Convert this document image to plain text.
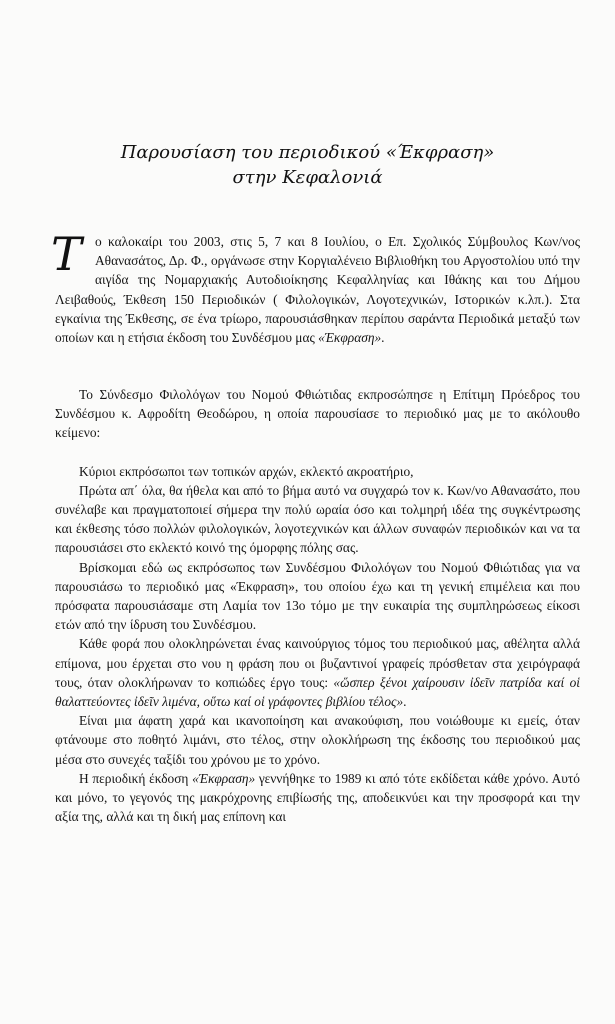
Παρουσίαση του περιοδικού «Έκφραση»
στην Κεφαλονιά
Το καλοκαίρι του 2003, στις 5, 7 και 8 Ιουλίου, ο Επ. Σχολικός Σύμβουλος Κων/νος Αθανασάτος, Δρ. Φ., οργάνωσε στην Κοργιαλένειο Βιβλιοθήκη του Αργοστολίου υπό την αιγίδα της Νομαρχιακής Αυτοδιοίκησης Κεφαλληνίας και Ιθάκης και του Δήμου Λειβαθούς, Έκθεση 150 Περιοδικών ( Φιλολογικών, Λογοτεχνικών, Ιστορικών κ.λπ.). Στα εγκαίνια της Έκθεσης, σε ένα τρίωρο, παρουσιάσθηκαν περίπου σαράντα Περιοδικά μεταξύ των οποίων και η ετήσια έκδοση του Συνδέσμου μας «Έκφραση».

Το Σύνδεσμο Φιλολόγων του Νομού Φθιώτιδας εκπροσώπησε η Επίτιμη Πρόεδρος του Συνδέσμου κ. Αφροδίτη Θεοδώρου, η οποία παρουσίασε το περιοδικό μας με το ακόλουθο κείμενο:

Κύριοι εκπρόσωποι των τοπικών αρχών, εκλεκτό ακροατήριο,

Πρώτα απ΄ όλα, θα ήθελα και από το βήμα αυτό να συγχαρώ τον κ. Κων/νο Αθανασάτο, που συνέλαβε και πραγματοποιεί σήμερα την πολύ ωραία όσο και τολμηρή ιδέα της συγκέντρωσης και έκθεσης τόσο πολλών φιλολογικών, λογοτεχνικών και άλλων συναφών περιοδικών και να τα παρουσιάσει στο εκλεκτό κοινό της όμορφης πόλης σας.

Βρίσκομαι εδώ ως εκπρόσωπος των Συνδέσμου Φιλολόγων του Νομού Φθιώτιδας για να παρουσιάσω το περιοδικό μας «Έκφραση», του οποίου έχω και τη γενική επιμέλεια και που πρόσφατα παρουσιάσαμε στη Λαμία τον 13ο τόμο με την ευκαιρία της συμπληρώσεως είκοσι ετών από την ίδρυση του Συνδέσμου.

Κάθε φορά που ολοκληρώνεται ένας καινούργιος τόμος του περιοδικού μας, αθέλητα αλλά επίμονα, μου έρχεται στο νου η φράση που οι βυζαντινοί γραφείς πρόσθεταν στα χειρόγραφά τους, όταν ολοκλήρωναν το κοπιώδες έργο τους: «ὥσπερ ξένοι χαίρουσιν ἰδεῖν πατρίδα καί οἱ θαλαττεύοντες ἰδεῖν λιμένα, οὕτω καί οἱ γράφοντες βιβλίου τέλος».

Είναι μια άφατη χαρά και ικανοποίηση και ανακούφιση, που νοιώθουμε κι εμείς, όταν φτάνουμε στο ποθητό λιμάνι, στο τέλος, στην ολοκλήρωση της έκδοσης του περιοδικού μας μέσα στο συνεχές ταξίδι του χρόνου με το χρόνο.

Η περιοδική έκδοση «Έκφραση» γεννήθηκε το 1989 κι από τότε εκδίδεται κάθε χρόνο. Αυτό και μόνο, το γεγονός της μακρόχρονης επιβίωσής της, αποδεικνύει και την προσφορά και την αξία της, αλλά και τη δική μας επίπονη και
